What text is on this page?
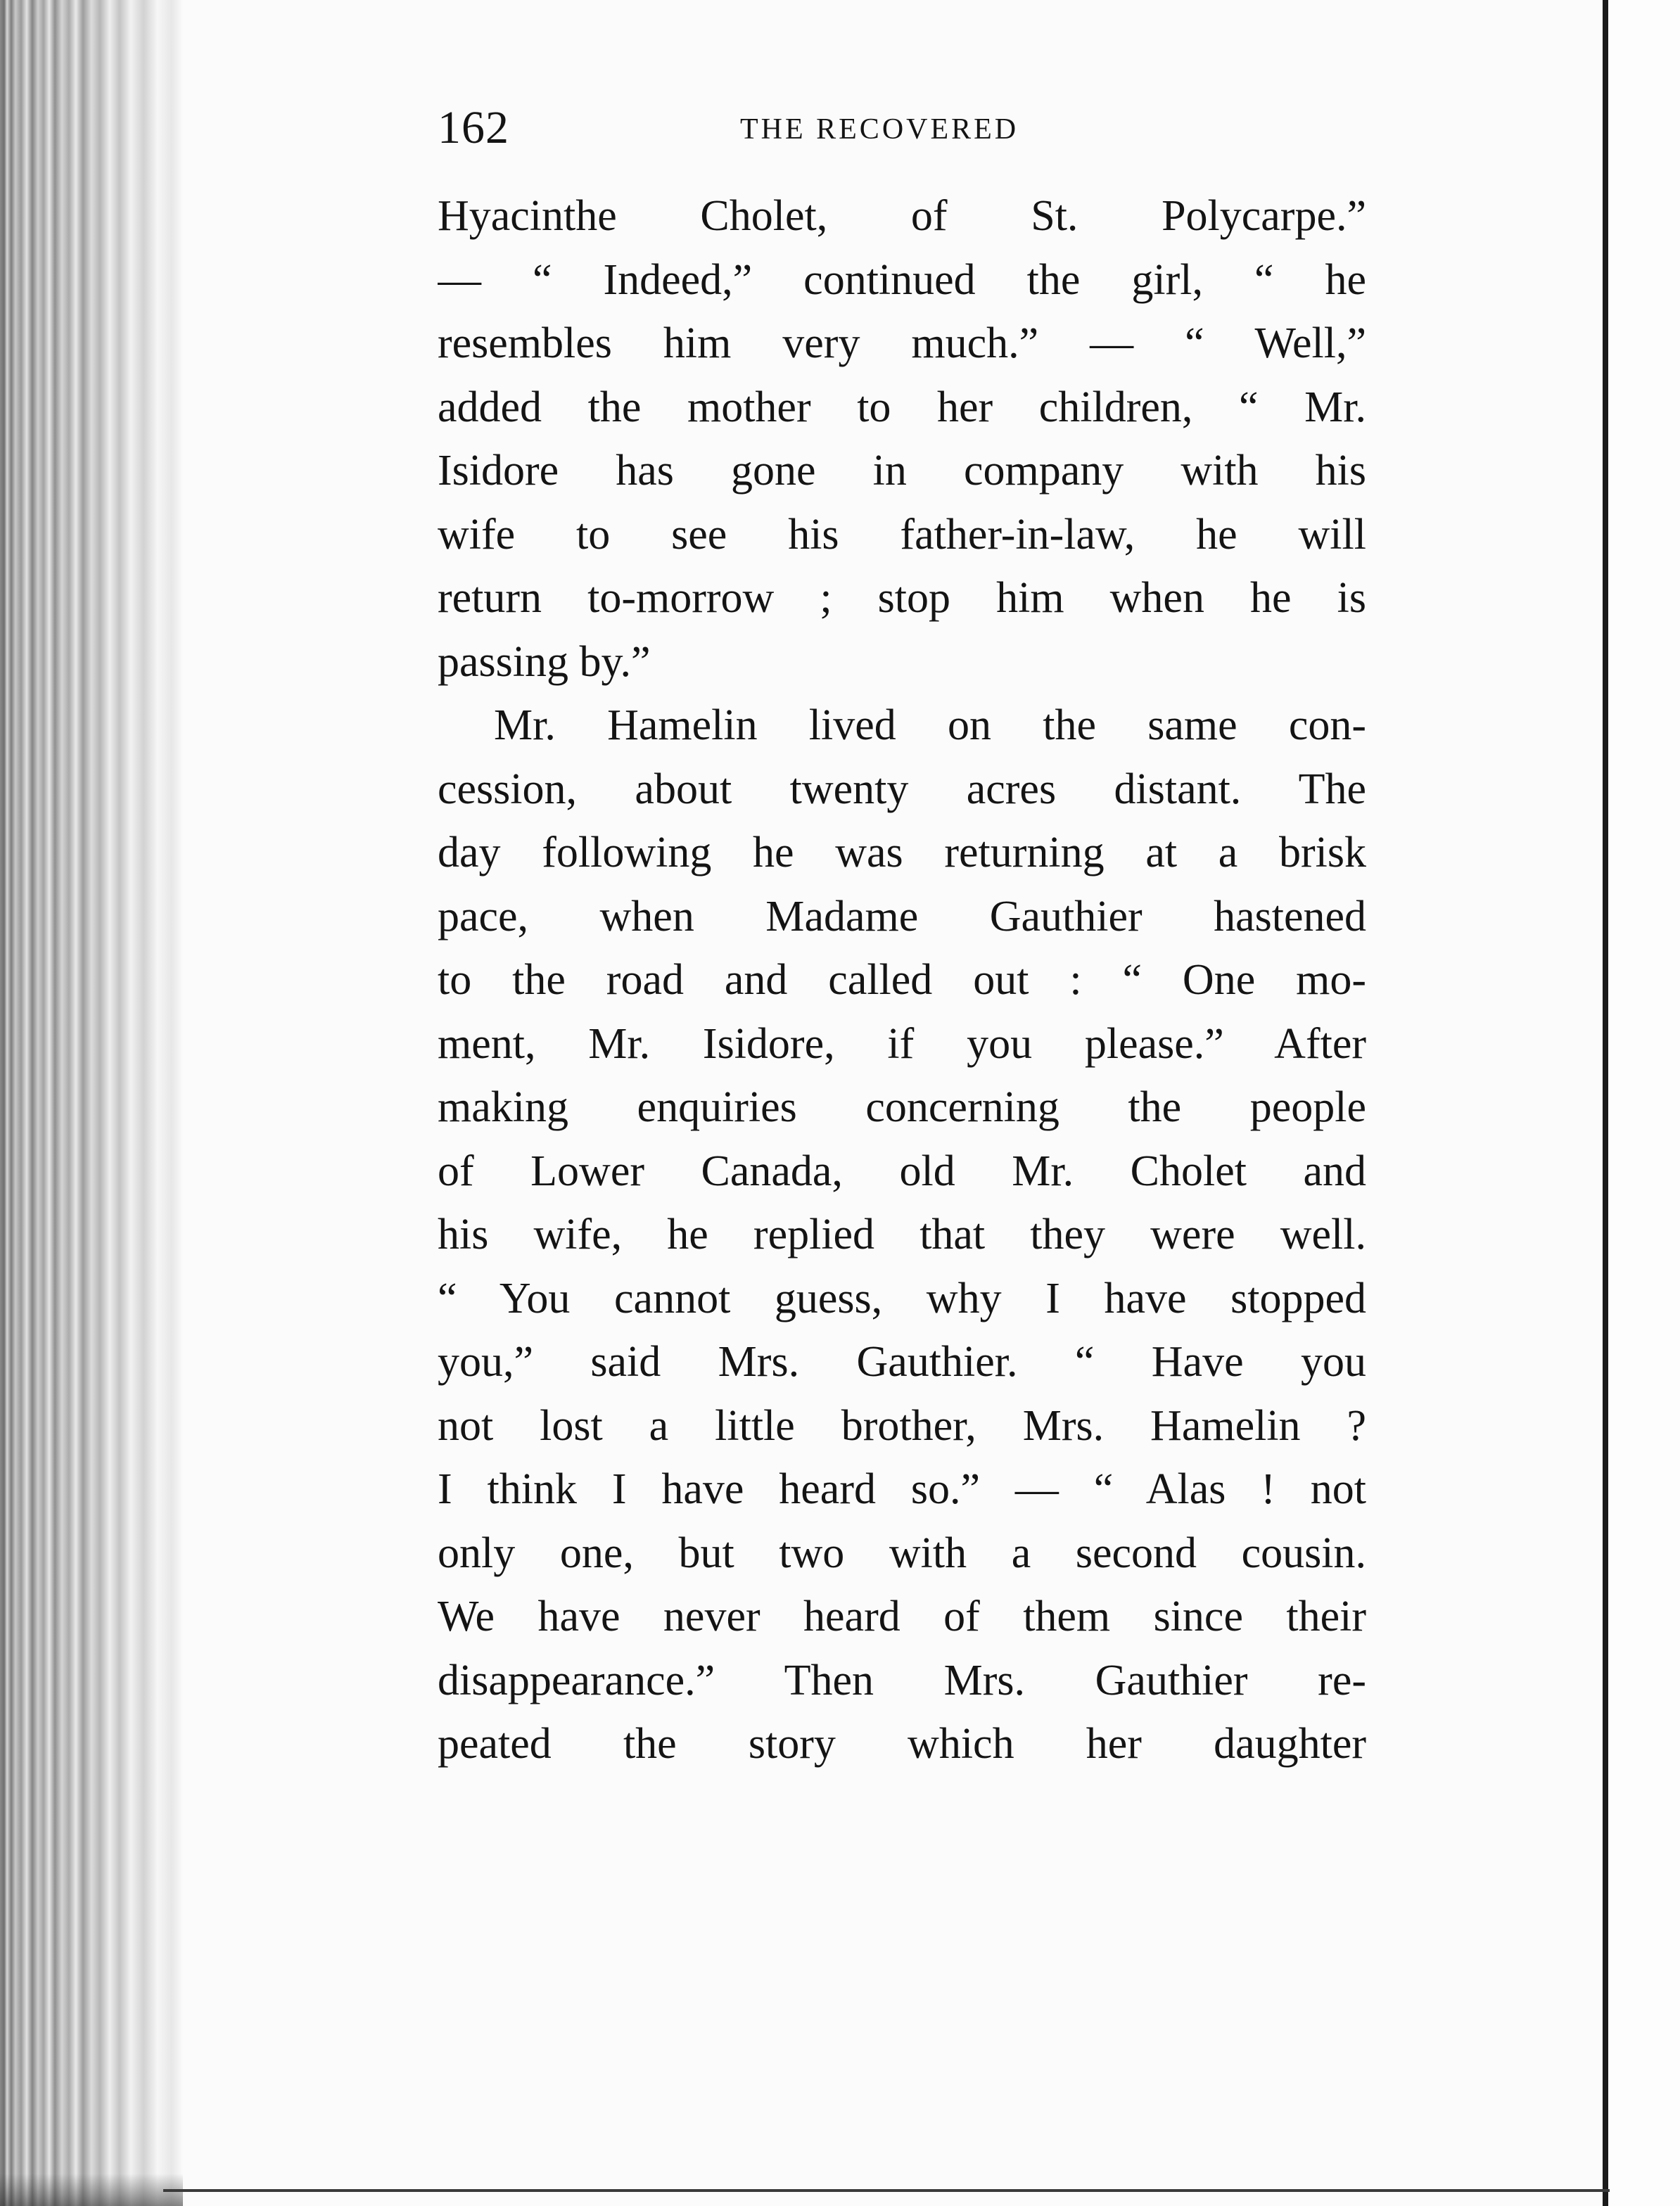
162	THE RECOVERED
Hyacinthe Cholet, of St. Polycarpe.”
— “ Indeed,” continued the girl, “ he
resembles him very much.” — “ Well,”
added the mother to her children, “ Mr.
Isidore has gone in company with his
wife to see his father-in-law, he will
return to-morrow ; stop him when he is
passing by.”
Mr. Hamelin lived on the same con-
cession, about twenty acres distant. The
day following he was returning at a brisk
pace, when Madame Gauthier hastened
to the road and called out : “ One mo-
ment, Mr. Isidore, if you please.” After
making enquiries concerning the people
of Lower Canada, old Mr. Cholet and
his wife, he replied that they were well.
“ You cannot guess, why I have stopped
you,” said Mrs. Gauthier. “ Have you
not lost a little brother, Mrs. Hamelin ?
I think I have heard so.” — “ Alas ! not
only one, but two with a second cousin.
We have never heard of them since their
disappearance.” Then Mrs. Gauthier re-
peated the story which her daughter
